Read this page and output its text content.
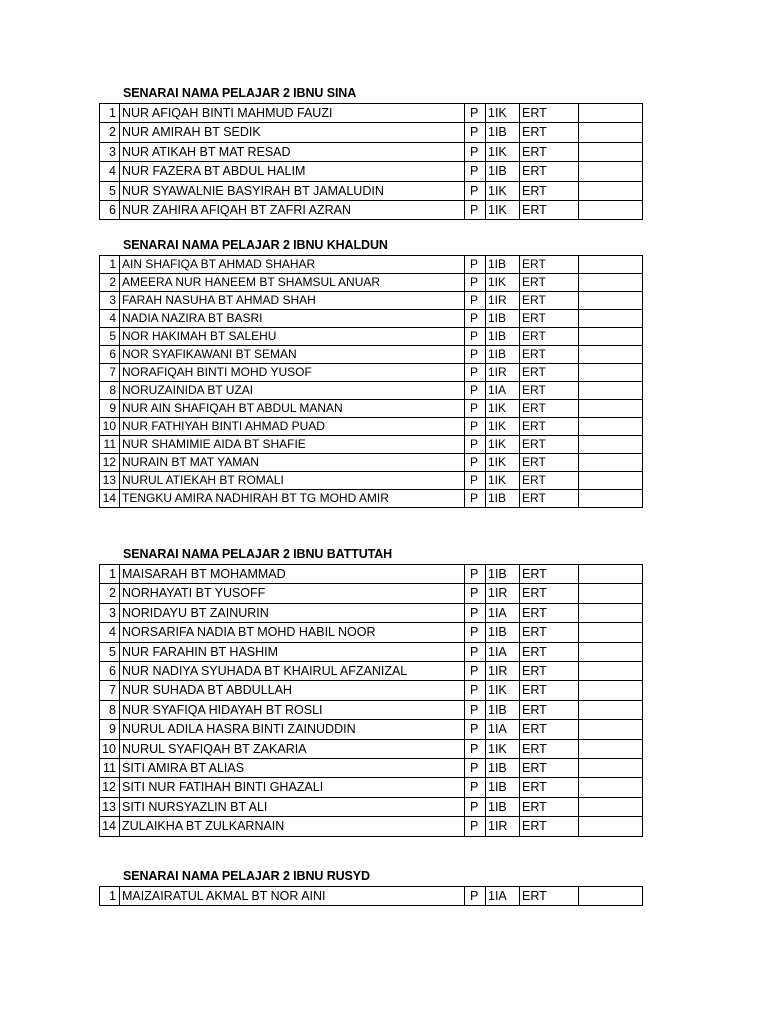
SENARAI NAMA PELAJAR 2 IBNU SINA
1	NUR AFIQAH BINTI MAHMUD FAUZI	P	1IK	ERT	
2	NUR AMIRAH BT SEDIK	P	1IB	ERT	
3	NUR ATIKAH BT MAT RESAD	P	1IK	ERT	
4	NUR FAZERA BT ABDUL HALIM	P	1IB	ERT	
5	NUR SYAWALNIE BASYIRAH BT JAMALUDIN	P	1IK	ERT	
6	NUR ZAHIRA AFIQAH BT ZAFRI AZRAN	P	1IK	ERT	
SENARAI NAMA PELAJAR 2 IBNU KHALDUN
1	AIN SHAFIQA BT AHMAD SHAHAR	P	1IB	ERT	
2	AMEERA NUR HANEEM BT SHAMSUL ANUAR	P	1IK	ERT	
3	FARAH NASUHA BT AHMAD SHAH	P	1IR	ERT	
4	NADIA NAZIRA BT BASRI	P	1IB	ERT	
5	NOR HAKIMAH BT SALEHU	P	1IB	ERT	
6	NOR SYAFIKAWANI BT SEMAN	P	1IB	ERT	
7	NORAFIQAH BINTI MOHD YUSOF	P	1IR	ERT	
8	NORUZAINIDA BT UZAI	P	1IA	ERT	
9	NUR AIN SHAFIQAH BT ABDUL MANAN	P	1IK	ERT	
10	NUR FATHIYAH BINTI AHMAD PUAD	P	1IK	ERT	
11	NUR SHAMIMIE AIDA BT SHAFIE	P	1IK	ERT	
12	NURAIN BT MAT YAMAN	P	1IK	ERT	
13	NURUL ATIEKAH BT ROMALI	P	1IK	ERT	
14	TENGKU AMIRA NADHIRAH BT TG MOHD AMIR	P	1IB	ERT	
SENARAI NAMA PELAJAR 2 IBNU BATTUTAH
1	MAISARAH BT MOHAMMAD	P	1IB	ERT	
2	NORHAYATI BT YUSOFF	P	1IR	ERT	
3	NORIDAYU BT ZAINURIN	P	1IA	ERT	
4	NORSARIFA NADIA BT MOHD HABIL NOOR	P	1IB	ERT	
5	NUR FARAHIN BT HASHIM	P	1IA	ERT	
6	NUR NADIYA SYUHADA BT KHAIRUL AFZANIZAL	P	1IR	ERT	
7	NUR SUHADA BT ABDULLAH	P	1IK	ERT	
8	NUR SYAFIQA HIDAYAH BT ROSLI	P	1IB	ERT	
9	NURUL ADILA HASRA BINTI ZAINUDDIN	P	1IA	ERT	
10	NURUL SYAFIQAH BT ZAKARIA	P	1IK	ERT	
11	SITI AMIRA BT ALIAS	P	1IB	ERT	
12	SITI NUR FATIHAH BINTI GHAZALI	P	1IB	ERT	
13	SITI NURSYAZLIN BT ALI	P	1IB	ERT	
14	ZULAIKHA BT ZULKARNAIN	P	1IR	ERT	
SENARAI NAMA PELAJAR 2 IBNU RUSYD
1	MAIZAIRATUL AKMAL BT NOR AINI	P	1IA	ERT	
